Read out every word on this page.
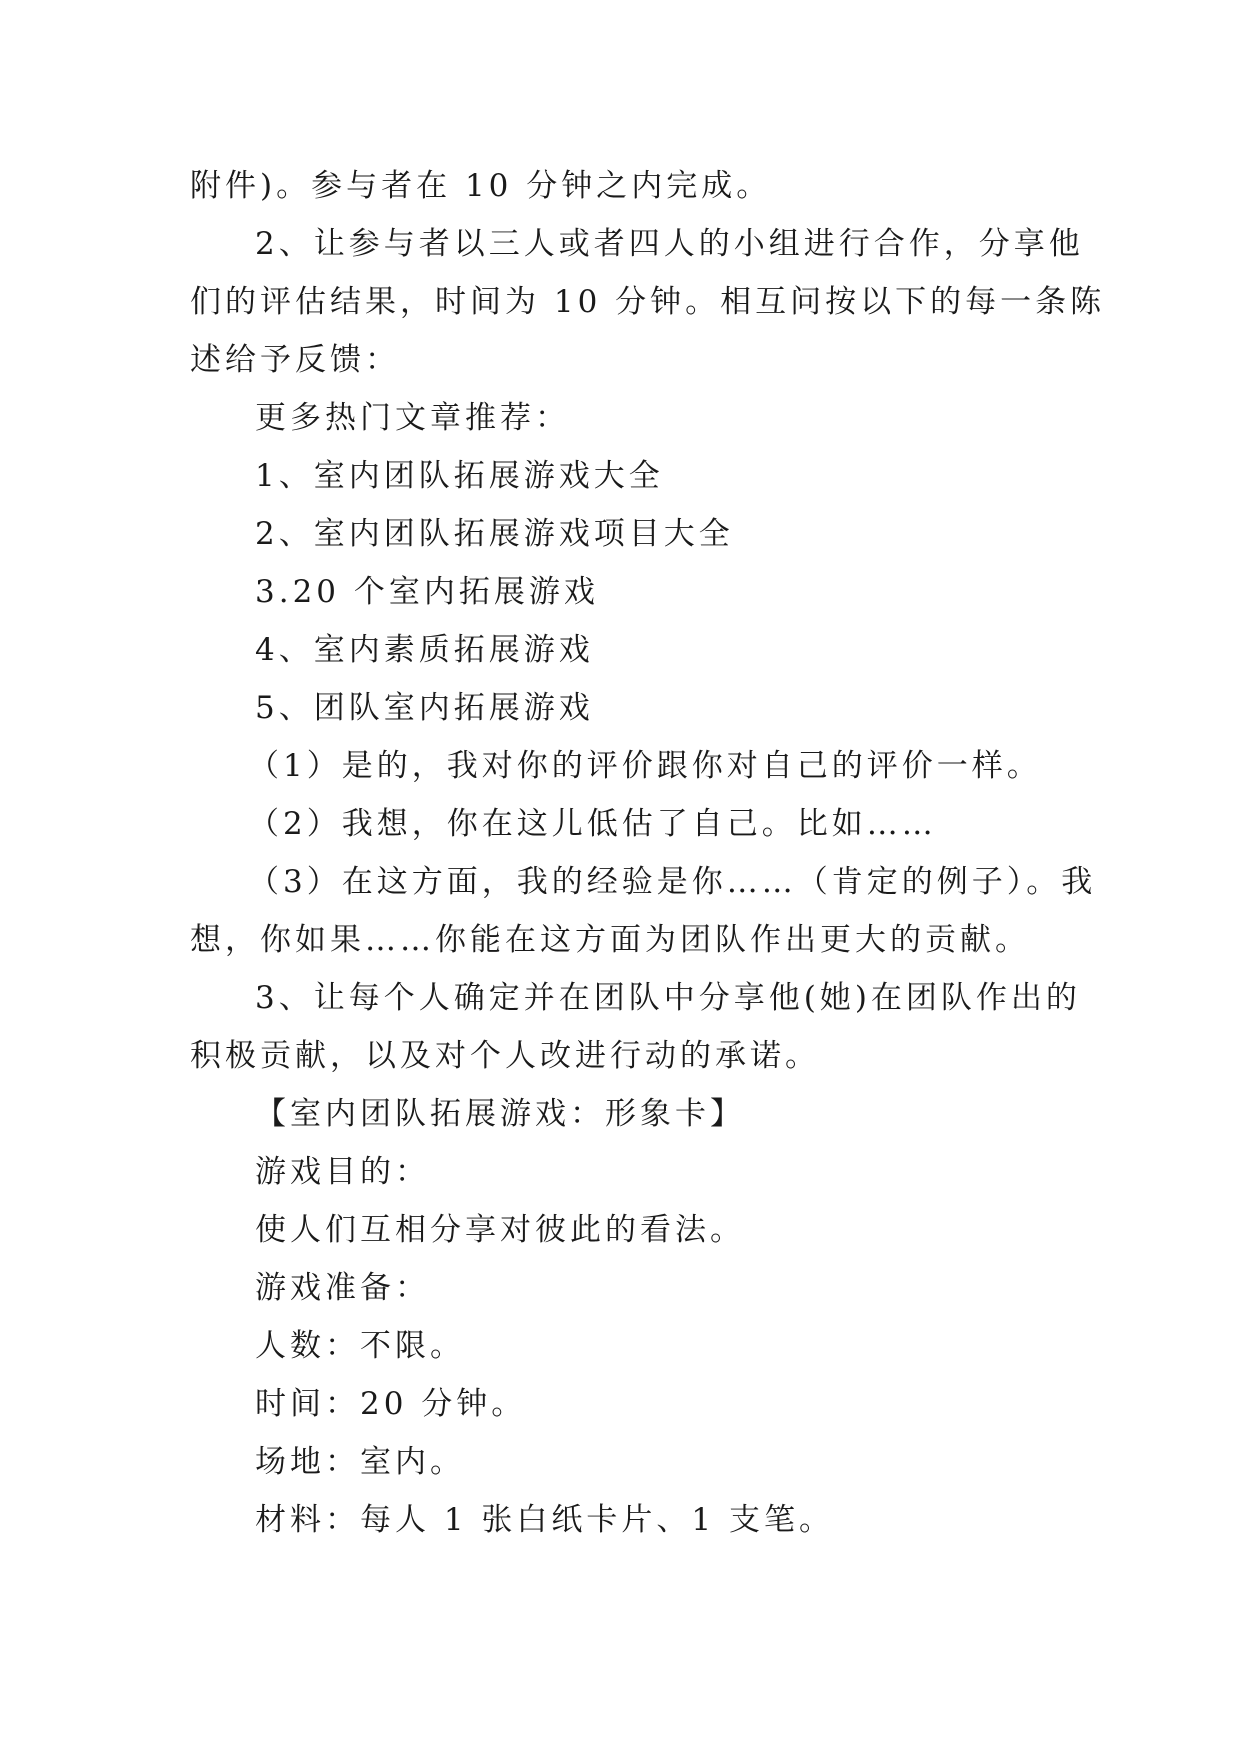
附件)。参与者在 10 分钟之内完成。
2、让参与者以三人或者四人的小组进行合作，分享他
们的评估结果，时间为 10 分钟。相互问按以下的每一条陈
述给予反馈：
更多热门文章推荐：
1、室内团队拓展游戏大全
2、室内团队拓展游戏项目大全
3.20 个室内拓展游戏
4、室内素质拓展游戏
5、团队室内拓展游戏
（1）是的，我对你的评价跟你对自己的评价一样。
（2）我想，你在这儿低估了自己。比如……
（3）在这方面，我的经验是你……（肯定的例子）。我
想，你如果……你能在这方面为团队作出更大的贡献。
3、让每个人确定并在团队中分享他(她)在团队作出的
积极贡献，以及对个人改进行动的承诺。
【室内团队拓展游戏：形象卡】
游戏目的：
使人们互相分享对彼此的看法。
游戏准备：
人数：不限。
时间：20 分钟。
场地：室内。
材料：每人 1 张白纸卡片、1 支笔。
